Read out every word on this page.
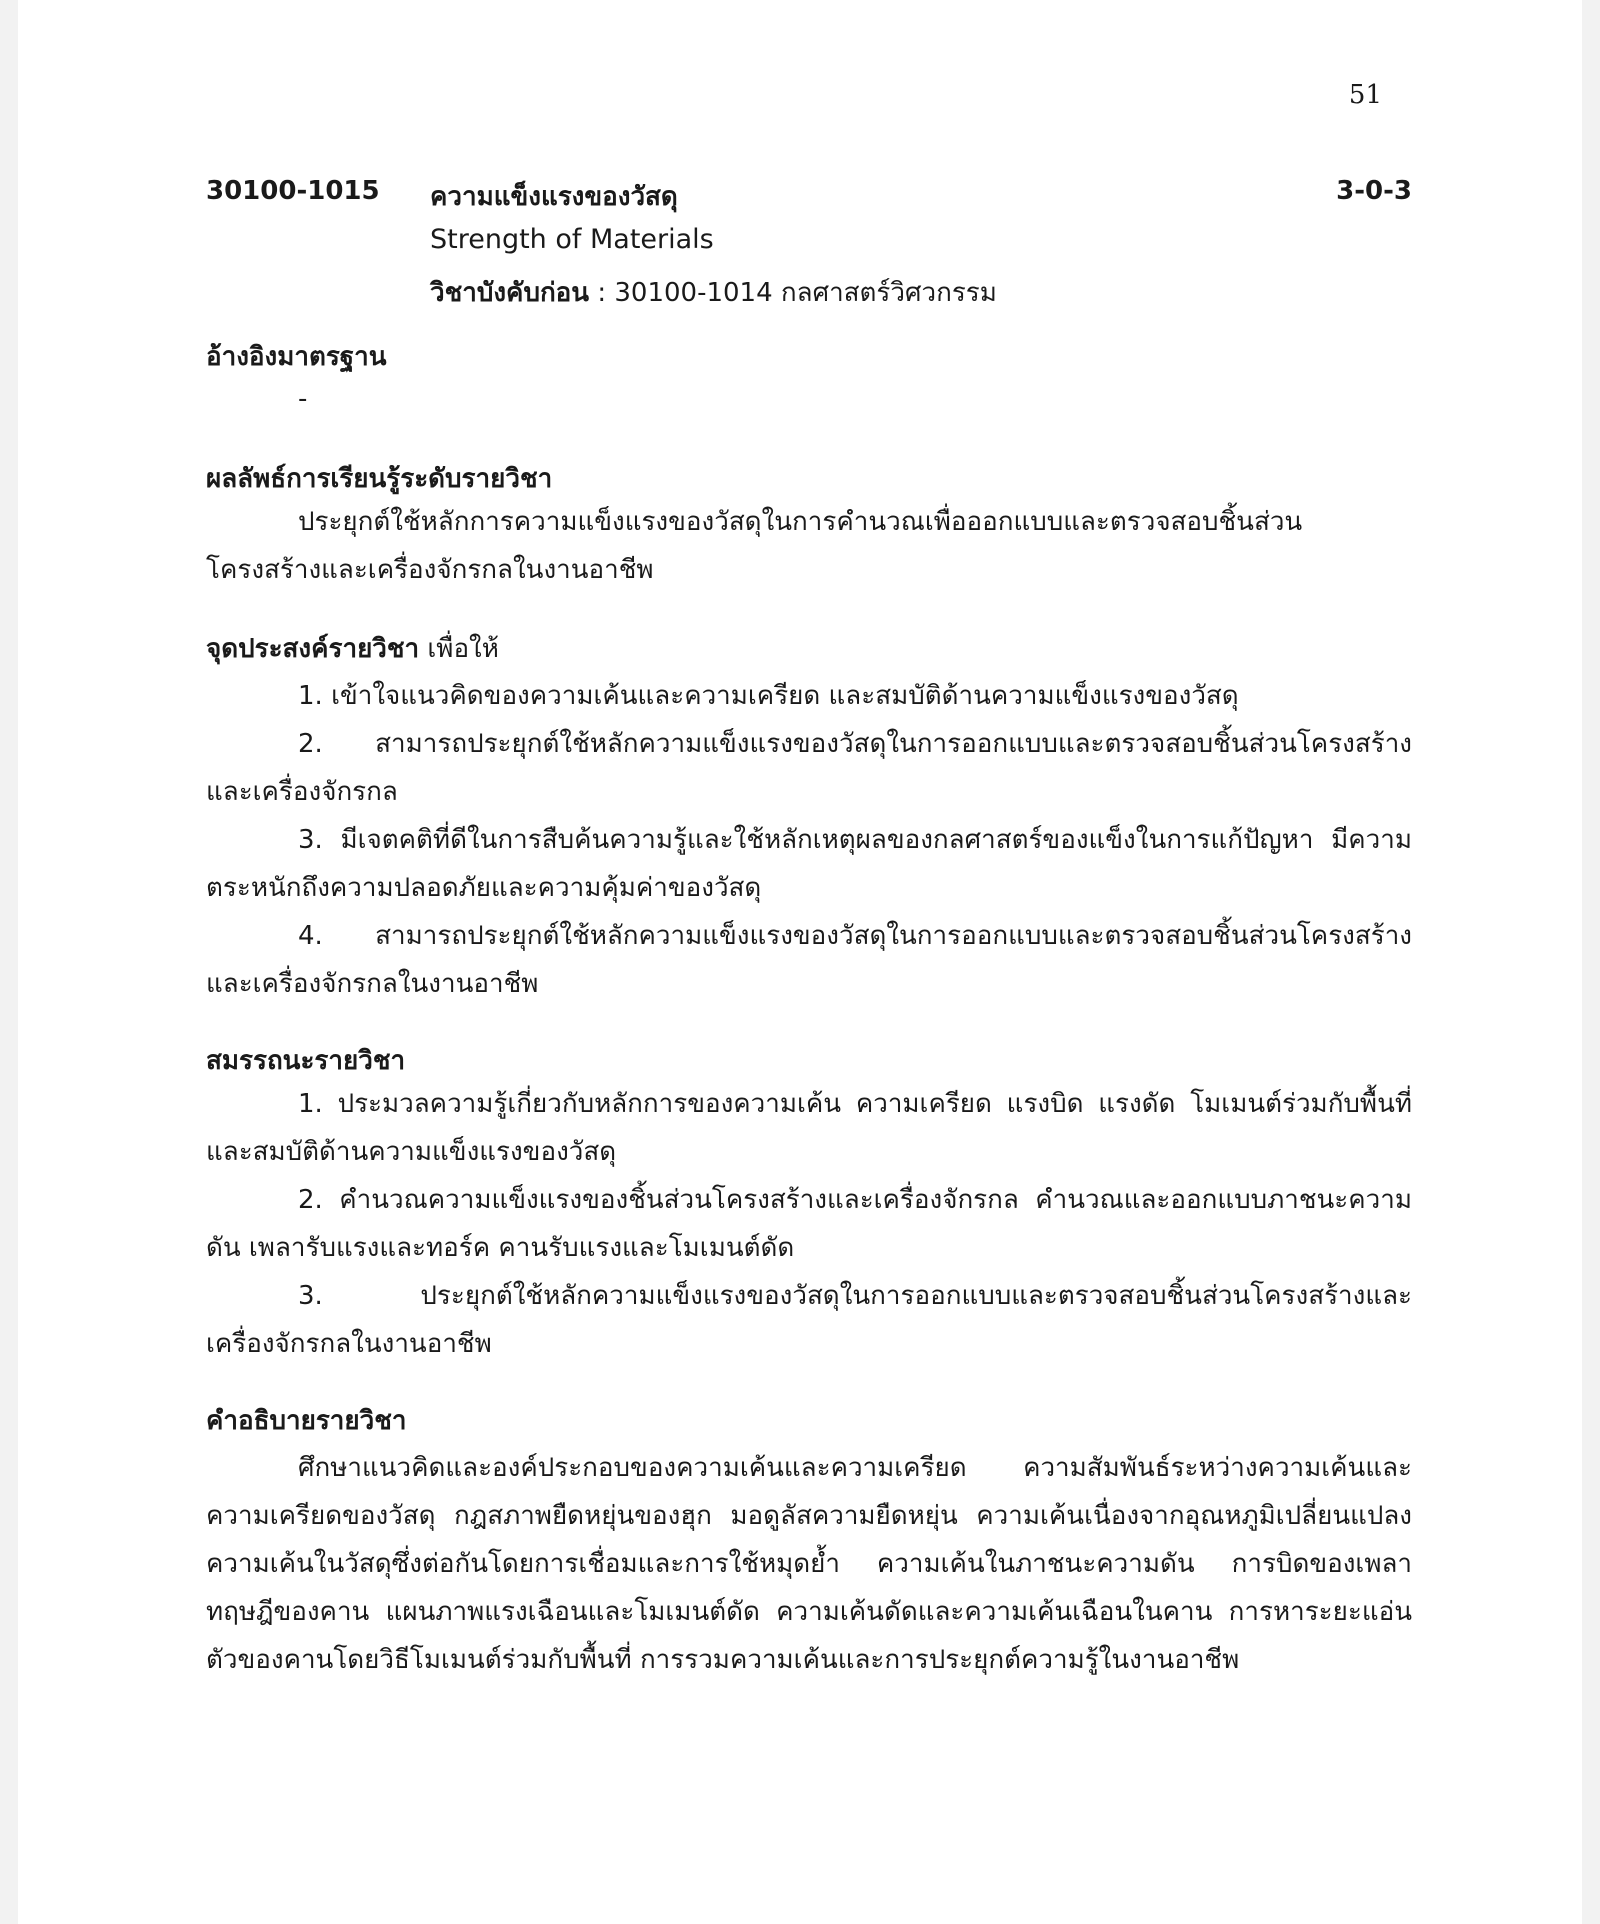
51
30100-1015 ความแข็งแรงของวัสดุ	3-0-3
Strength of Materials
วิชาบังคับก่อน : 30100-1014 กลศาสตร์วิศวกรรม
อ้างอิงมาตรฐาน
-
ผลลัพธ์การเรียนรู้ระดับรายวิชา
ประยุกต์ใช้หลักการความแข็งแรงของวัสดุในการคำนวณเพื่อออกแบบและตรวจสอบชิ้นส่วนโครงสร้างและเครื่องจักรกลในงานอาชีพ
จุดประสงค์รายวิชา เพื่อให้
1. เข้าใจแนวคิดของความเค้นและความเครียด และสมบัติด้านความแข็งแรงของวัสดุ
2. สามารถประยุกต์ใช้หลักความแข็งแรงของวัสดุในการออกแบบและตรวจสอบชิ้นส่วนโครงสร้างและเครื่องจักรกล
3. มีเจตคติที่ดีในการสืบค้นความรู้และใช้หลักเหตุผลของกลศาสตร์ของแข็งในการแก้ปัญหา มีความตระหนักถึงความปลอดภัยและความคุ้มค่าของวัสดุ
4. สามารถประยุกต์ใช้หลักความแข็งแรงของวัสดุในการออกแบบและตรวจสอบชิ้นส่วนโครงสร้างและเครื่องจักรกลในงานอาชีพ
สมรรถนะรายวิชา
1. ประมวลความรู้เกี่ยวกับหลักการของความเค้น ความเครียด แรงบิด แรงดัด โมเมนต์ร่วมกับพื้นที่และสมบัติด้านความแข็งแรงของวัสดุ
2. คำนวณความแข็งแรงของชิ้นส่วนโครงสร้างและเครื่องจักรกล คำนวณและออกแบบภาชนะความดัน เพลารับแรงและทอร์ค คานรับแรงและโมเมนต์ดัด
3. ประยุกต์ใช้หลักความแข็งแรงของวัสดุในการออกแบบและตรวจสอบชิ้นส่วนโครงสร้างและเครื่องจักรกลในงานอาชีพ
คำอธิบายรายวิชา
ศึกษาแนวคิดและองค์ประกอบของความเค้นและความเครียด ความสัมพันธ์ระหว่างความเค้นและความเครียดของวัสดุ กฎสภาพยืดหยุ่นของฮุก มอดูลัสความยืดหยุ่น ความเค้นเนื่องจากอุณหภูมิเปลี่ยนแปลง ความเค้นในวัสดุซึ่งต่อกันโดยการเชื่อมและการใช้หมุดย้ำ ความเค้นในภาชนะความดัน การบิดของเพลา ทฤษฎีของคาน แผนภาพแรงเฉือนและโมเมนต์ดัด ความเค้นดัดและความเค้นเฉือนในคาน การหาระยะแอ่นตัวของคานโดยวิธีโมเมนต์ร่วมกับพื้นที่ การรวมความเค้นและการประยุกต์ความรู้ในงานอาชีพ
